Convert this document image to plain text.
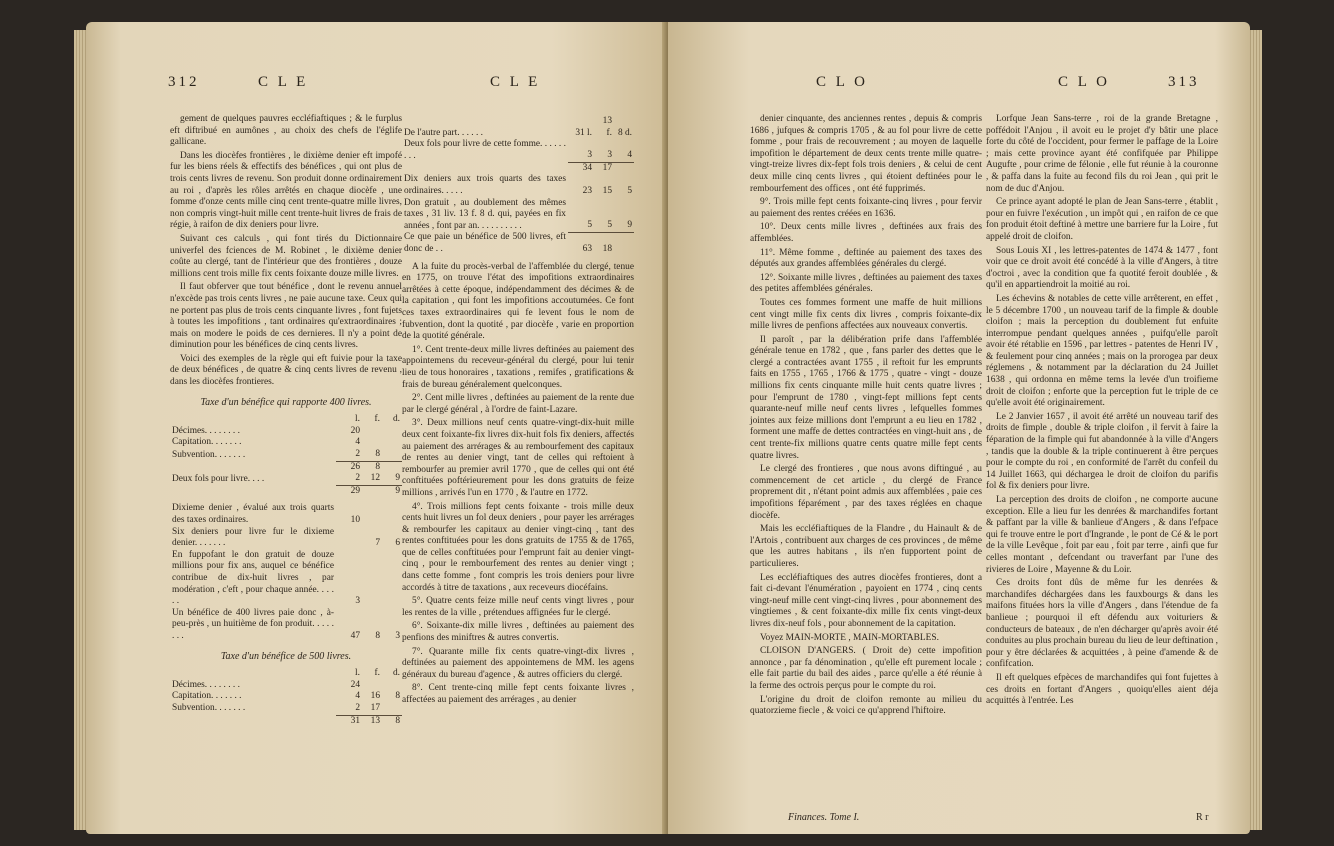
312	C L E	C L E

gement de quelques pauvres eccléfiaftiques ; & le furplus eft diftribué en aumônes , au choix des chefs de l'églife gallicane.

Dans les diocèfes frontières , le dixième denier eft impofé fur les biens réels & effectifs des bénéfices , qui ont plus de trois cents livres de revenu. Son produit donne ordinairement au roi , d'après les rôles arrêtés en chaque diocèfe , une fomme d'onze cents mille cinq cent trente-quatre mille livres, non compris vingt-huit mille cent trente-huit livres de frais de régie, à raifon de dix deniers pour livre.

Suivant ces calculs , qui font tirés du Dictionnaire univerfel des fciences de M. Robinet , le dixième denier coûte au clergé, tant de l'intérieur que des frontières , douze millions cent trois mille fix cents foixante douze mille livres.

Il faut obferver que tout bénéfice , dont le revenu annuel n'excède pas trois cents livres , ne paie aucune taxe. Ceux qui ne portent pas plus de trois cents cinquante livres , font fujets à toutes les impofitions , tant ordinaires qu'extraordinaires ; mais on modere le poids de ces dernieres. Il n'y a point de diminution pour les bénéfices de cinq cents livres.

Voici des exemples de la règle qui eft fuivie pour la taxe de deux bénéfices , de quatre & cinq cents livres de revenu , dans les diocèfes frontieres.

Taxe d'un bénéfice qui rapporte 400 livres.

	l.	f.	d.
Décimes. . . . . . . .	20		
Capitation. . . . . . .	4		
Subvention. . . . . . .	2	8	
	26	8	
Deux fols pour livre. . . .	2	12	9
	29		9
Dixieme denier , évalué aux trois quarts des taxes ordinaires.	10		
Six deniers pour livre fur le dixieme denier. . . . . . .		7	6
En fuppofant le don gratuit de douze millions pour fix ans, auquel ce bénéfice contribue de dix-huit livres , par modération , c'eft , pour chaque année. . . . . .	3		
Un bénéfice de 400 livres paie donc , à-peu-près , un huitième de fon produit. . . . . . . .	47	8	3

Taxe d'un bénéfice de 500 livres.

	l.	f.	d.
Décimes. . . . . . . .	24		
Capitation. . . . . . .	4	16	8
Subvention. . . . . . .	2	17	
	31	13	8
De l'autre part. . . . . .	31 l.	13 f.	8 d.
Deux fols pour livre de cette fomme. . . . . . . . .	3	3	4
	34	17	
Dix deniers aux trois quarts des taxes ordinaires. . . . .	23	15	5
Don gratuit , au doublement des mêmes taxes , 31 liv. 13 f. 8 d. qui, payées en fix années , font par an. . . . . . . . . .	5	5	9
Ce que paie un bénéfice de 500 livres, eft donc de . .	63	18	

A la fuite du procès-verbal de l'affemblée du clergé, tenue en 1775, on trouve l'état des impofitions extraordinaires arrêtées à cette époque, indépendamment des décimes & de la capitation , qui font les impofitions accoutumées. Ce font ces taxes extraordinaires qui fe levent fous le nom de fubvention, dont la quotité , par diocèfe , varie en proportion de la quotité générale.

1°. Cent trente-deux mille livres deftinées au paiement des appointemens du receveur-général du clergé, pour lui tenir lieu de tous honoraires , taxations , remifes , gratifications & frais de bureau généralement quelconques.

2°. Cent mille livres , deftinées au paiement de la rente due par le clergé général , à l'ordre de faint-Lazare.

3°. Deux millions neuf cents quatre-vingt-dix-huit mille deux cent foixante-fix livres dix-huit fols fix deniers, affectés au paiement des arrérages & au rembourfement des capitaux de rentes au denier vingt, tant de celles qui reftoient à rembourfer au premier avril 1770 , que de celles qui ont été conftituées poftérieurement pour les dons gratuits de feize millions , arrivés l'un en 1770 , & l'autre en 1772.

4°. Trois millions fept cents foixante - trois mille deux cents huit livres un fol deux deniers , pour payer les arrérages & rembourfer les capitaux au denier vingt-cinq , tant des rentes conftituées pour les dons gratuits de 1755 & de 1765, que de celles conftituées pour l'emprunt fait au denier vingt-cinq , pour le rembourfement des rentes au denier vingt ; dans cette fomme , font compris les trois deniers pour livre accordés à titre de taxations , aux receveurs diocéfains.

5°. Quatre cents feize mille neuf cents vingt livres , pour les rentes de la ville , prétendues affignées fur le clergé.

6°. Soixante-dix mille livres , deftinées au paiement des penfions des miniftres & autres convertis.

7°. Quarante mille fix cents quatre-vingt-dix livres , deftinées au paiement des appointemens de MM. les agens généraux du bureau d'agence , & autres officiers du clergé.

8°. Cent trente-cinq mille fept cents foixante livres , affectées au paiement des arrérages , au denier

C L O	C L O	313

denier cinquante, des anciennes rentes , depuis & compris 1686 , jufques & compris 1705 , & au fol pour livre de cette fomme , pour frais de recouvrement ; au moyen de laquelle impofition le département de deux cents trente mille quatre-vingt-treize livres dix-fept fols trois deniers , & celui de cent deux mille cinq cents livres , qui étoient deftinées pour le rembourfement des offices , ont été fupprimés.

9°. Trois mille fept cents foixante-cinq livres , pour fervir au paiement des rentes créées en 1636.

10°. Deux cents mille livres , deftinées aux frais des affemblées.

11°. Même fomme , deftinée au paiement des taxes des députés aux grandes affemblées générales du clergé.

12°. Soixante mille livres , deftinées au paiement des taxes des petites affemblées générales.

Toutes ces fommes forment une maffe de huit millions cent vingt mille fix cents dix livres , compris foixante-dix mille livres de penfions affectées aux nouveaux convertis.

Il paroît , par la délibération prife dans l'affemblée générale tenue en 1782 , que , fans parler des dettes que le clergé a contractées avant 1755 , il reftoit fur les emprunts faits en 1755 , 1765 , 1766 & 1775 , quatre - vingt - douze millions fix cents cinquante mille huit cents quatre livres ; pour l'emprunt de 1780 , vingt-fept millions fept cents quarante-neuf mille neuf cents livres , lefquelles fommes jointes aux feize millions dont l'emprunt a eu lieu en 1782 , forment une maffe de dettes contractées en vingt-huit ans , de cent trente-fix millions quatre cents quatre mille fept cents quatre livres.

Le clergé des frontieres , que nous avons diftingué , au commencement de cet article , du clergé de France proprement dit , n'étant point admis aux affemblées , paie ces impofitions féparément , par des taxes réglées en chaque diocèfe.

Mais les eccléfiaftiques de la Flandre , du Hainault & de l'Artois , contribuent aux charges de ces provinces , de même que les autres habitans , ils n'en fupportent point de particulieres.

Les eccléfiaftiques des autres diocèfes frontieres, dont a fait ci-devant l'énumération , payoient en 1774 , cinq cents vingt-neuf mille cent vingt-cinq livres , pour abonnement des vingtiemes , & cent foixante-dix mille fix cents vingt-deux livres dix-neuf fols , pour abonnement de la capitation.

Voyez MAIN-MORTE , MAIN-MORTABLES.

CLOISON D'ANGERS. ( Droit de) cette impofition annonce , par fa dénomination , qu'elle eft purement locale ; elle fait partie du bail des aides , parce qu'elle a été réunie à la ferme des octrois perçus pour le compte du roi.

L'origine du droit de cloifon remonte au milieu du quatorzieme fiecle , & voici ce qu'apprend l'hiftoire.

Finances. Tome I.

Lorfque Jean Sans-terre , roi de la grande Bretagne , poffédoit l'Anjou , il avoit eu le projet d'y bâtir une place forte du côté de l'occident, pour fermer le paffage de la Loire ; mais cette province ayant été confifquée par Philippe Augufte , pour crime de félonie , elle fut réunie à la couronne , & paffa dans la fuite au fecond fils du roi Jean , qui prit le nom de duc d'Anjou.

Ce prince ayant adopté le plan de Jean Sans-terre , établit , pour en fuivre l'exécution , un impôt qui , en raifon de ce que fon produit étoit deftiné à mettre une barriere fur la Loire , fut appelé droit de cloifon.

Sous Louis XI , les lettres-patentes de 1474 & 1477 , font voir que ce droit avoit été concédé à la ville d'Angers, à titre d'octroi , avec la condition que fa quotité feroit doublée , & qu'il en appartiendroit la moitié au roi.

Les échevins & notables de cette ville arrêterent, en effet , le 5 décembre 1700 , un nouveau tarif de la fimple & double cloifon ; mais la perception du doublement fut enfuite interrompue pendant quelques années , puifqu'elle paroît avoir été rétablie en 1596 , par lettres - patentes de Henri IV , & feulement pour cinq années ; mais on la prorogea par deux réglemens , & notamment par la déclaration du 24 Juillet 1638 , qui ordonna en même tems la levée d'un troifieme droit de cloifon ; enforte que la perception fut le triple de ce qu'elle avoit été originairement.

Le 2 Janvier 1657 , il avoit été arrêté un nouveau tarif des droits de fimple , double & triple cloifon , il fervit à faire la féparation de la fimple qui fut abandonnée à la ville d'Angers , tandis que la double & la triple continuerent à être perçues pour le compte du roi , en conformité de l'arrêt du confeil du 14 Juillet 1663, qui déchargea le droit de cloifon du parifis fol & fix deniers pour livre.

La perception des droits de cloifon , ne comporte aucune exception. Elle a lieu fur les denrées & marchandifes fortant & paffant par la ville & banlieue d'Angers , & dans l'efpace qui fe trouve entre le port d'Ingrande , le pont de Cé & le port de la ville Levêque , foit par eau , foit par terre , ainfi que fur celles montant , defcendant ou traverfant par l'une des rivieres de Loire , Mayenne & du Loir.

Ces droits font dûs de même fur les denrées & marchandifes déchargées dans les fauxbourgs & dans les maifons fituées hors la ville d'Angers , dans l'étendue de fa banlieue ; pourquoi il eft défendu aux voituriers & conducteurs de bateaux , de n'en décharger qu'après avoir été conduites au plus prochain bureau du lieu de leur deftination , pour y être déclarées & acquittées , à peine d'amende & de confifcation.

Il eft quelques efpèces de marchandifes qui font fujettes à ces droits en fortant d'Angers , quoiqu'elles aient déja acquittés à l'entrée. Les

R r
